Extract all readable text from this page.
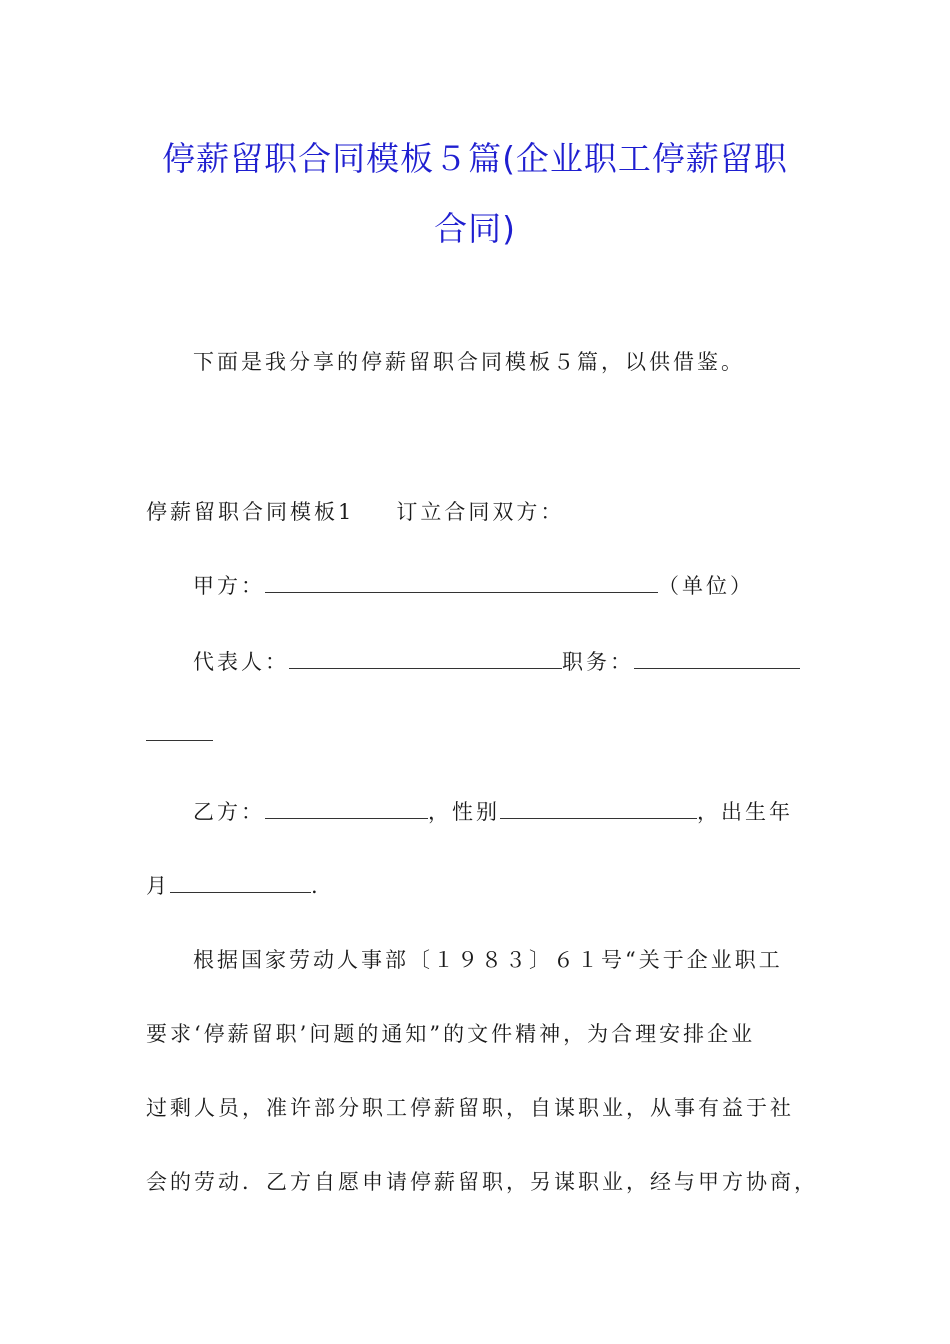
停薪留职合同模板５篇(企业职工停薪留职
合同)
下面是我分享的停薪留职合同模板５篇，以供借鉴。
停薪留职合同模板1 订立合同双方：
甲方：	（单位）
代表人：	职务：
乙方：	，性别	，出生年
月	.
根据国家劳动人事部〔１９８３〕６１号“关于企业职工
要求‘停薪留职’问题的通知”的文件精神，为合理安排企业
过剩人员，准许部分职工停薪留职，自谋职业，从事有益于社
会的劳动．乙方自愿申请停薪留职，另谋职业，经与甲方协商，
